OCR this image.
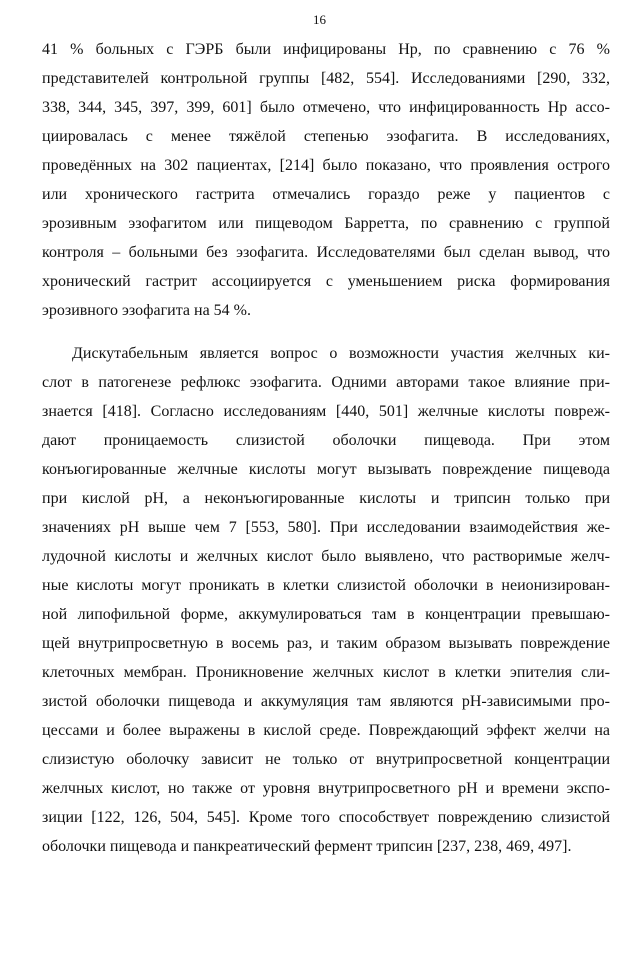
16
41 % больных с ГЭРБ были инфицированы Нр, по сравнению с 76 %
представителей контрольной группы [482, 554]. Исследованиями [290, 332,
338, 344, 345, 397, 399, 601] было отмечено, что инфицированность Нр ассо-
циировалась с менее тяжёлой степенью эзофагита. В исследованиях,
проведённых на 302 пациентах, [214] было показано, что проявления острого
или хронического гастрита отмечались гораздо реже у пациентов с
эрозивным эзофагитом или пищеводом Барретта, по сравнению с группой
контроля – больными без эзофагита. Исследователями был сделан вывод, что
хронический гастрит ассоциируется с уменьшением риска формирования
эрозивного эзофагита на 54 %.
Дискутабельным является вопрос о возможности участия желчных ки-
слот в патогенезе рефлюкс эзофагита. Одними авторами такое влияние при-
знается [418]. Согласно исследованиям [440, 501] желчные кислоты повреж-
дают проницаемость слизистой оболочки пищевода. При этом
конъюгированные желчные кислоты могут вызывать повреждение пищевода
при кислой рН, а неконъюгированные кислоты и трипсин только при
значениях рН выше чем 7 [553, 580]. При исследовании взаимодействия же-
лудочной кислоты и желчных кислот было выявлено, что растворимые желч-
ные кислоты могут проникать в клетки слизистой оболочки в неионизирован-
ной липофильной форме, аккумулироваться там в концентрации превышаю-
щей внутрипросветную в восемь раз, и таким образом вызывать повреждение
клеточных мембран. Проникновение желчных кислот в клетки эпителия сли-
зистой оболочки пищевода и аккумуляция там являются рН-зависимыми про-
цессами и более выражены в кислой среде. Повреждающий эффект желчи на
слизистую оболочку зависит не только от внутрипросветной концентрации
желчных кислот, но также от уровня внутрипросветного рН и времени экспо-
зиции [122, 126, 504, 545]. Кроме того способствует повреждению слизистой
оболочки пищевода и панкреатический фермент трипсин [237, 238, 469, 497].
